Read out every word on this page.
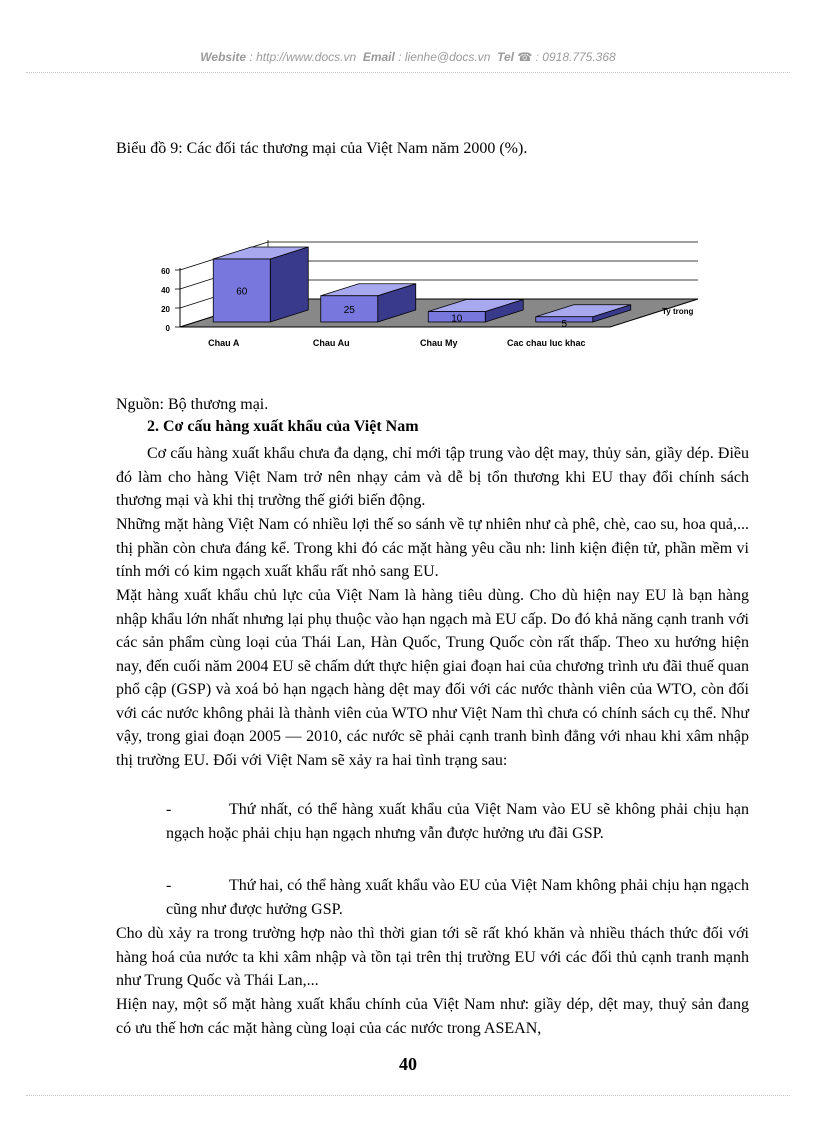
Website : http://www.docs.vn Email : lienhe@docs.vn Tel ☎ : 0918.775.368
Biểu đồ 9: Các đối tác thương mại của Việt Nam năm 2000 (%).
0
20
40
60
60
Chau A
25
Chau Au
10
Chau My
5
Cac chau luc khac
Ty trong
Nguồn: Bộ thương mại.
2. Cơ cấu hàng xuất khẩu của Việt Nam

Cơ cấu hàng xuất khẩu chưa đa dạng, chỉ mới tập trung vào dệt may, thủy sản, giầy dép. Điều đó làm cho hàng Việt Nam trở nên nhạy cảm và dễ bị tổn thương khi EU thay đổi chính sách thương mại và khi thị trường thế giới biến động.

Những mặt hàng Việt Nam có nhiều lợi thế so sánh về tự nhiên như cà phê, chè, cao su, hoa quả,... thị phần còn chưa đáng kể. Trong khi đó các mặt hàng yêu cầu nh: linh kiện điện tử, phần mềm vi tính mới có kim ngạch xuất khẩu rất nhỏ sang EU.

Mặt hàng xuất khẩu chủ lực của Việt Nam là hàng tiêu dùng. Cho dù hiện nay EU là bạn hàng nhập khẩu lớn nhất nhưng lại phụ thuộc vào hạn ngạch mà EU cấp. Do đó khả năng cạnh tranh với các sản phẩm cùng loại của Thái Lan, Hàn Quốc, Trung Quốc còn rất thấp. Theo xu hướng hiện nay, đến cuối năm 2004 EU sẽ chấm dứt thực hiện giai đoạn hai của chương trình ưu đãi thuế quan phổ cập (GSP) và xoá bỏ hạn ngạch hàng dệt may đối với các nước thành viên của WTO, còn đối với các nước không phải là thành viên của WTO như Việt Nam thì chưa có chính sách cụ thể. Như vậy, trong giai đoạn 2005 — 2010, các nước sẽ phải cạnh tranh bình đẳng với nhau khi xâm nhập thị trường EU. Đối với Việt Nam sẽ xảy ra hai tình trạng sau:

-	Thứ nhất, có thể hàng xuất khẩu của Việt Nam vào EU sẽ không phải chịu hạn ngạch hoặc phải chịu hạn ngạch nhưng vẫn được hưởng ưu đãi GSP.
-	Thứ hai, có thể hàng xuất khẩu vào EU của Việt Nam không phải chịu hạn ngạch cũng như được hưởng GSP.

Cho dù xảy ra trong trường hợp nào thì thời gian tới sẽ rất khó khăn và nhiều thách thức đối với hàng hoá của nước ta khi xâm nhập và tồn tại trên thị trường EU với các đối thủ cạnh tranh mạnh như Trung Quốc và Thái Lan,...

Hiện nay, một số mặt hàng xuất khẩu chính của Việt Nam như: giầy dép, dệt may, thuỷ sản đang có ưu thế hơn các mặt hàng cùng loại của các nước trong ASEAN,

40
